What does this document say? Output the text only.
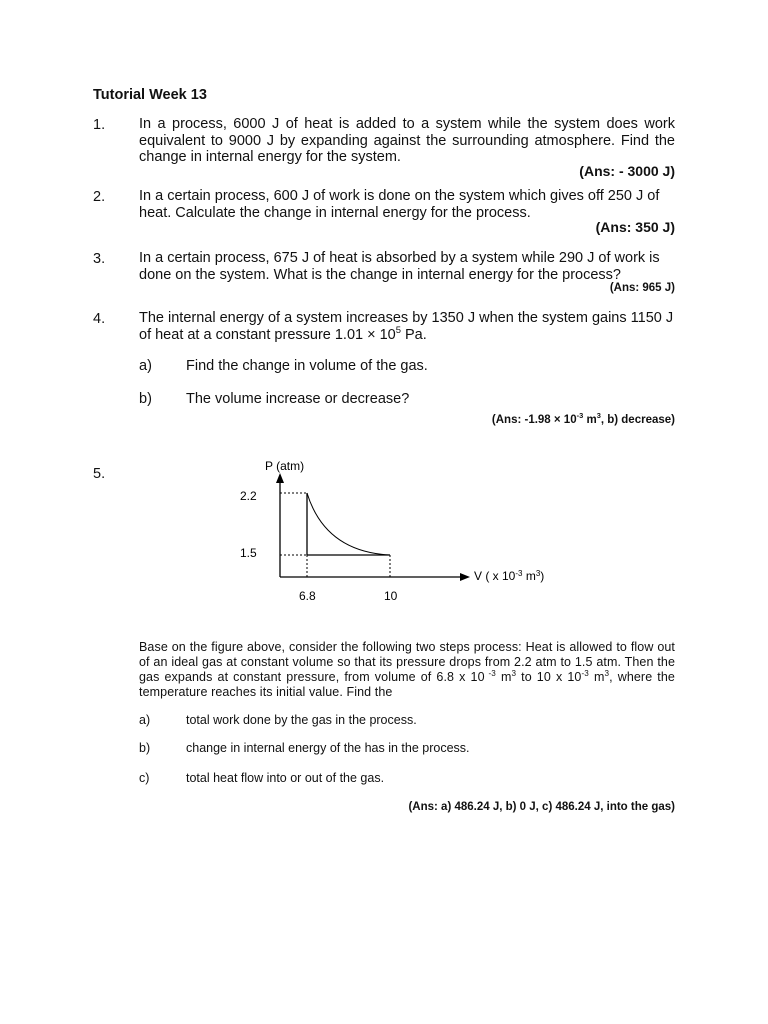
Tutorial Week 13
1. In a process, 6000 J of heat is added to a system while the system does work equivalent to 9000 J by expanding against the surrounding atmosphere. Find the change in internal energy for the system.
(Ans: - 3000 J)
2. In a certain process, 600 J of work is done on the system which gives off 250 J of heat. Calculate the change in internal energy for the process.
(Ans: 350 J)
3. In a certain process, 675 J of heat is absorbed by a system while 290 J of work is done on the system. What is the change in internal energy for the process?
(Ans: 965 J)
4. The internal energy of a system increases by 1350 J when the system gains 1150 J of heat at a constant pressure $1.01 \times 10^5$ Pa.
a) Find the change in volume of the gas.
b) The volume increase or decrease?
(Ans: $-1.98 \times 10^{-3}$ $m^3$, b) decrease)
5.	P (atm)
2.2
1.5
6.8	10
V ( x $10^{-3}$ $m^3$)
Base on the figure above, consider the following two steps process: Heat is allowed to flow out of an ideal gas at constant volume so that its pressure drops from 2.2 atm to 1.5 atm. Then the gas expands at constant pressure, from volume of 6.8 x 10 $^{-3}$ $m^3$ to 10 x $10^{-3}$ $m^3$, where the temperature reaches its initial value. Find the
a)	total work done by the gas in the process.
b)	change in internal energy of the has in the process.
c)	total heat flow into or out of the gas.
(Ans: a) 486.24 J, b) 0 J, c) 486.24 J, into the gas)
